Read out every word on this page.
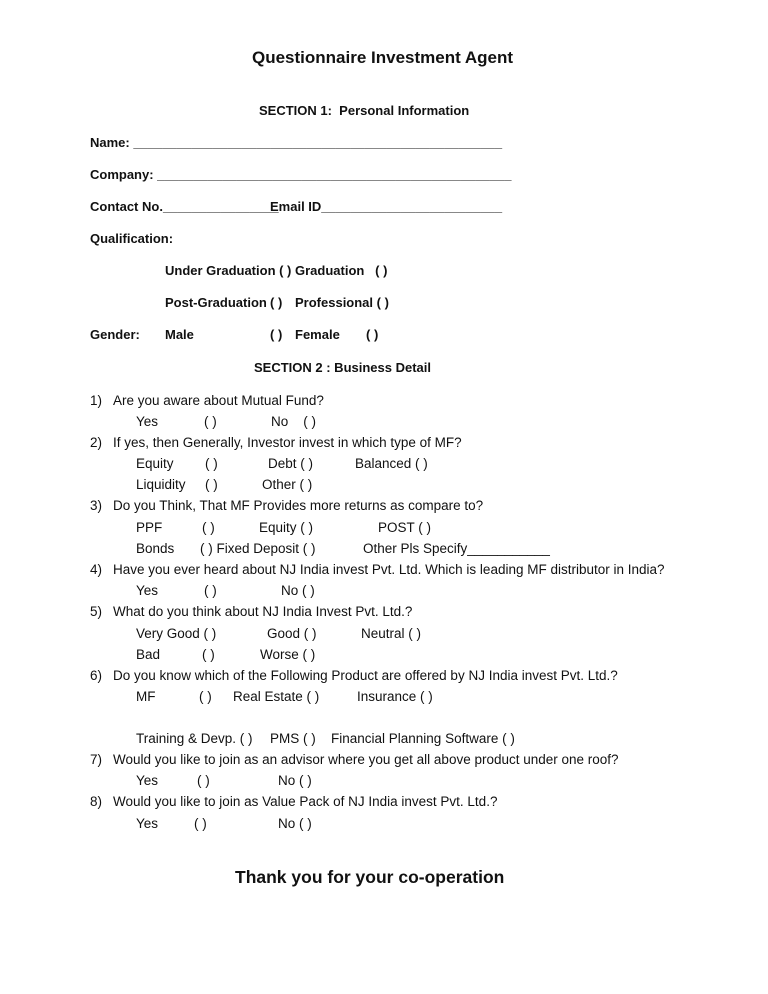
Questionnaire Investment Agent
SECTION 1:  Personal Information
Name: ___________________________________________________
Company: _________________________________________________
Contact No.________________
Email ID_________________________
Qualification:
Under Graduation ( ) Graduation   ( )
Post-Graduation ( ) Professional ( )
Gender: Male	( ) Female ( )
SECTION 2 : Business Detail
1) Are you aware about Mutual Fund?
Yes	( )	No    ( )
2) If yes, then Generally, Investor invest in which type of MF?
Equity ( )	Debt ( )	Balanced ( )
Liquidity ( )	Other ( )
3) Do you Think, That MF Provides more returns as compare to?
PPF	( )	Equity ( )	POST ( )
Bonds ( ) Fixed Deposit ( )	Other Pls Specify___________
4) Have you ever heard about NJ India invest Pvt. Ltd. Which is leading MF distributor in India?
Yes	( )	No ( )
5) What do you think about NJ India Invest Pvt. Ltd.?
Very Good ( )	Good ( )	Neutral ( )
Bad	( )	Worse ( )
6) Do you know which of the Following Product are offered by NJ India invest Pvt. Ltd.?
MF	( ) Real Estate ( )	Insurance ( )
Training & Devp. ( ) PMS ( ) Financial Planning Software ( )
7) Would you like to join as an advisor where you get all above product under one roof?
Yes	( )	No ( )
8) Would you like to join as Value Pack of NJ India invest Pvt. Ltd.?
Yes	( )	No ( )
Thank you for your co-operation
